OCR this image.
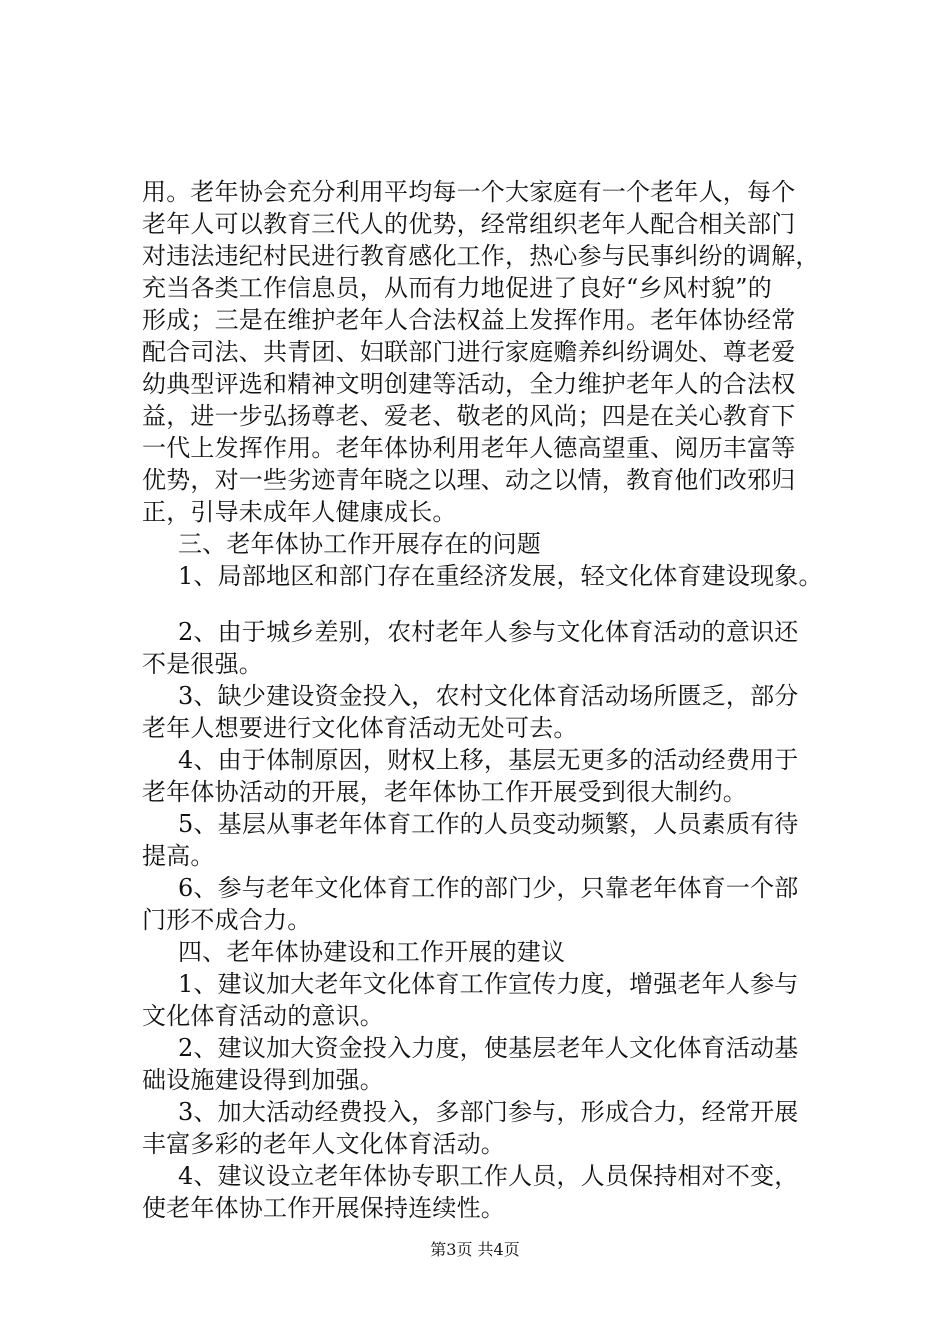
用。老年协会充分利用平均每一个大家庭有一个老年人，每个
老年人可以教育三代人的优势，经常组织老年人配合相关部门
对违法违纪村民进行教育感化工作，热心参与民事纠纷的调解，
充当各类工作信息员，从而有力地促进了良好“乡风村貌”的
形成；三是在维护老年人合法权益上发挥作用。老年体协经常
配合司法、共青团、妇联部门进行家庭赡养纠纷调处、尊老爱
幼典型评选和精神文明创建等活动，全力维护老年人的合法权
益，进一步弘扬尊老、爱老、敬老的风尚；四是在关心教育下
一代上发挥作用。老年体协利用老年人德高望重、阅历丰富等
优势，对一些劣迹青年晓之以理、动之以情，教育他们改邪归
正，引导未成年人健康成长。
三、老年体协工作开展存在的问题
1、局部地区和部门存在重经济发展，轻文化体育建设现象。
2、由于城乡差别，农村老年人参与文化体育活动的意识还
不是很强。
3、缺少建设资金投入，农村文化体育活动场所匮乏，部分
老年人想要进行文化体育活动无处可去。
4、由于体制原因，财权上移，基层无更多的活动经费用于
老年体协活动的开展，老年体协工作开展受到很大制约。
5、基层从事老年体育工作的人员变动频繁，人员素质有待
提高。
6、参与老年文化体育工作的部门少，只靠老年体育一个部
门形不成合力。
四、老年体协建设和工作开展的建议
1、建议加大老年文化体育工作宣传力度，增强老年人参与
文化体育活动的意识。
2、建议加大资金投入力度，使基层老年人文化体育活动基
础设施建设得到加强。
3、加大活动经费投入，多部门参与，形成合力，经常开展
丰富多彩的老年人文化体育活动。
4、建议设立老年体协专职工作人员，人员保持相对不变，
使老年体协工作开展保持连续性。
第3页 共4页
